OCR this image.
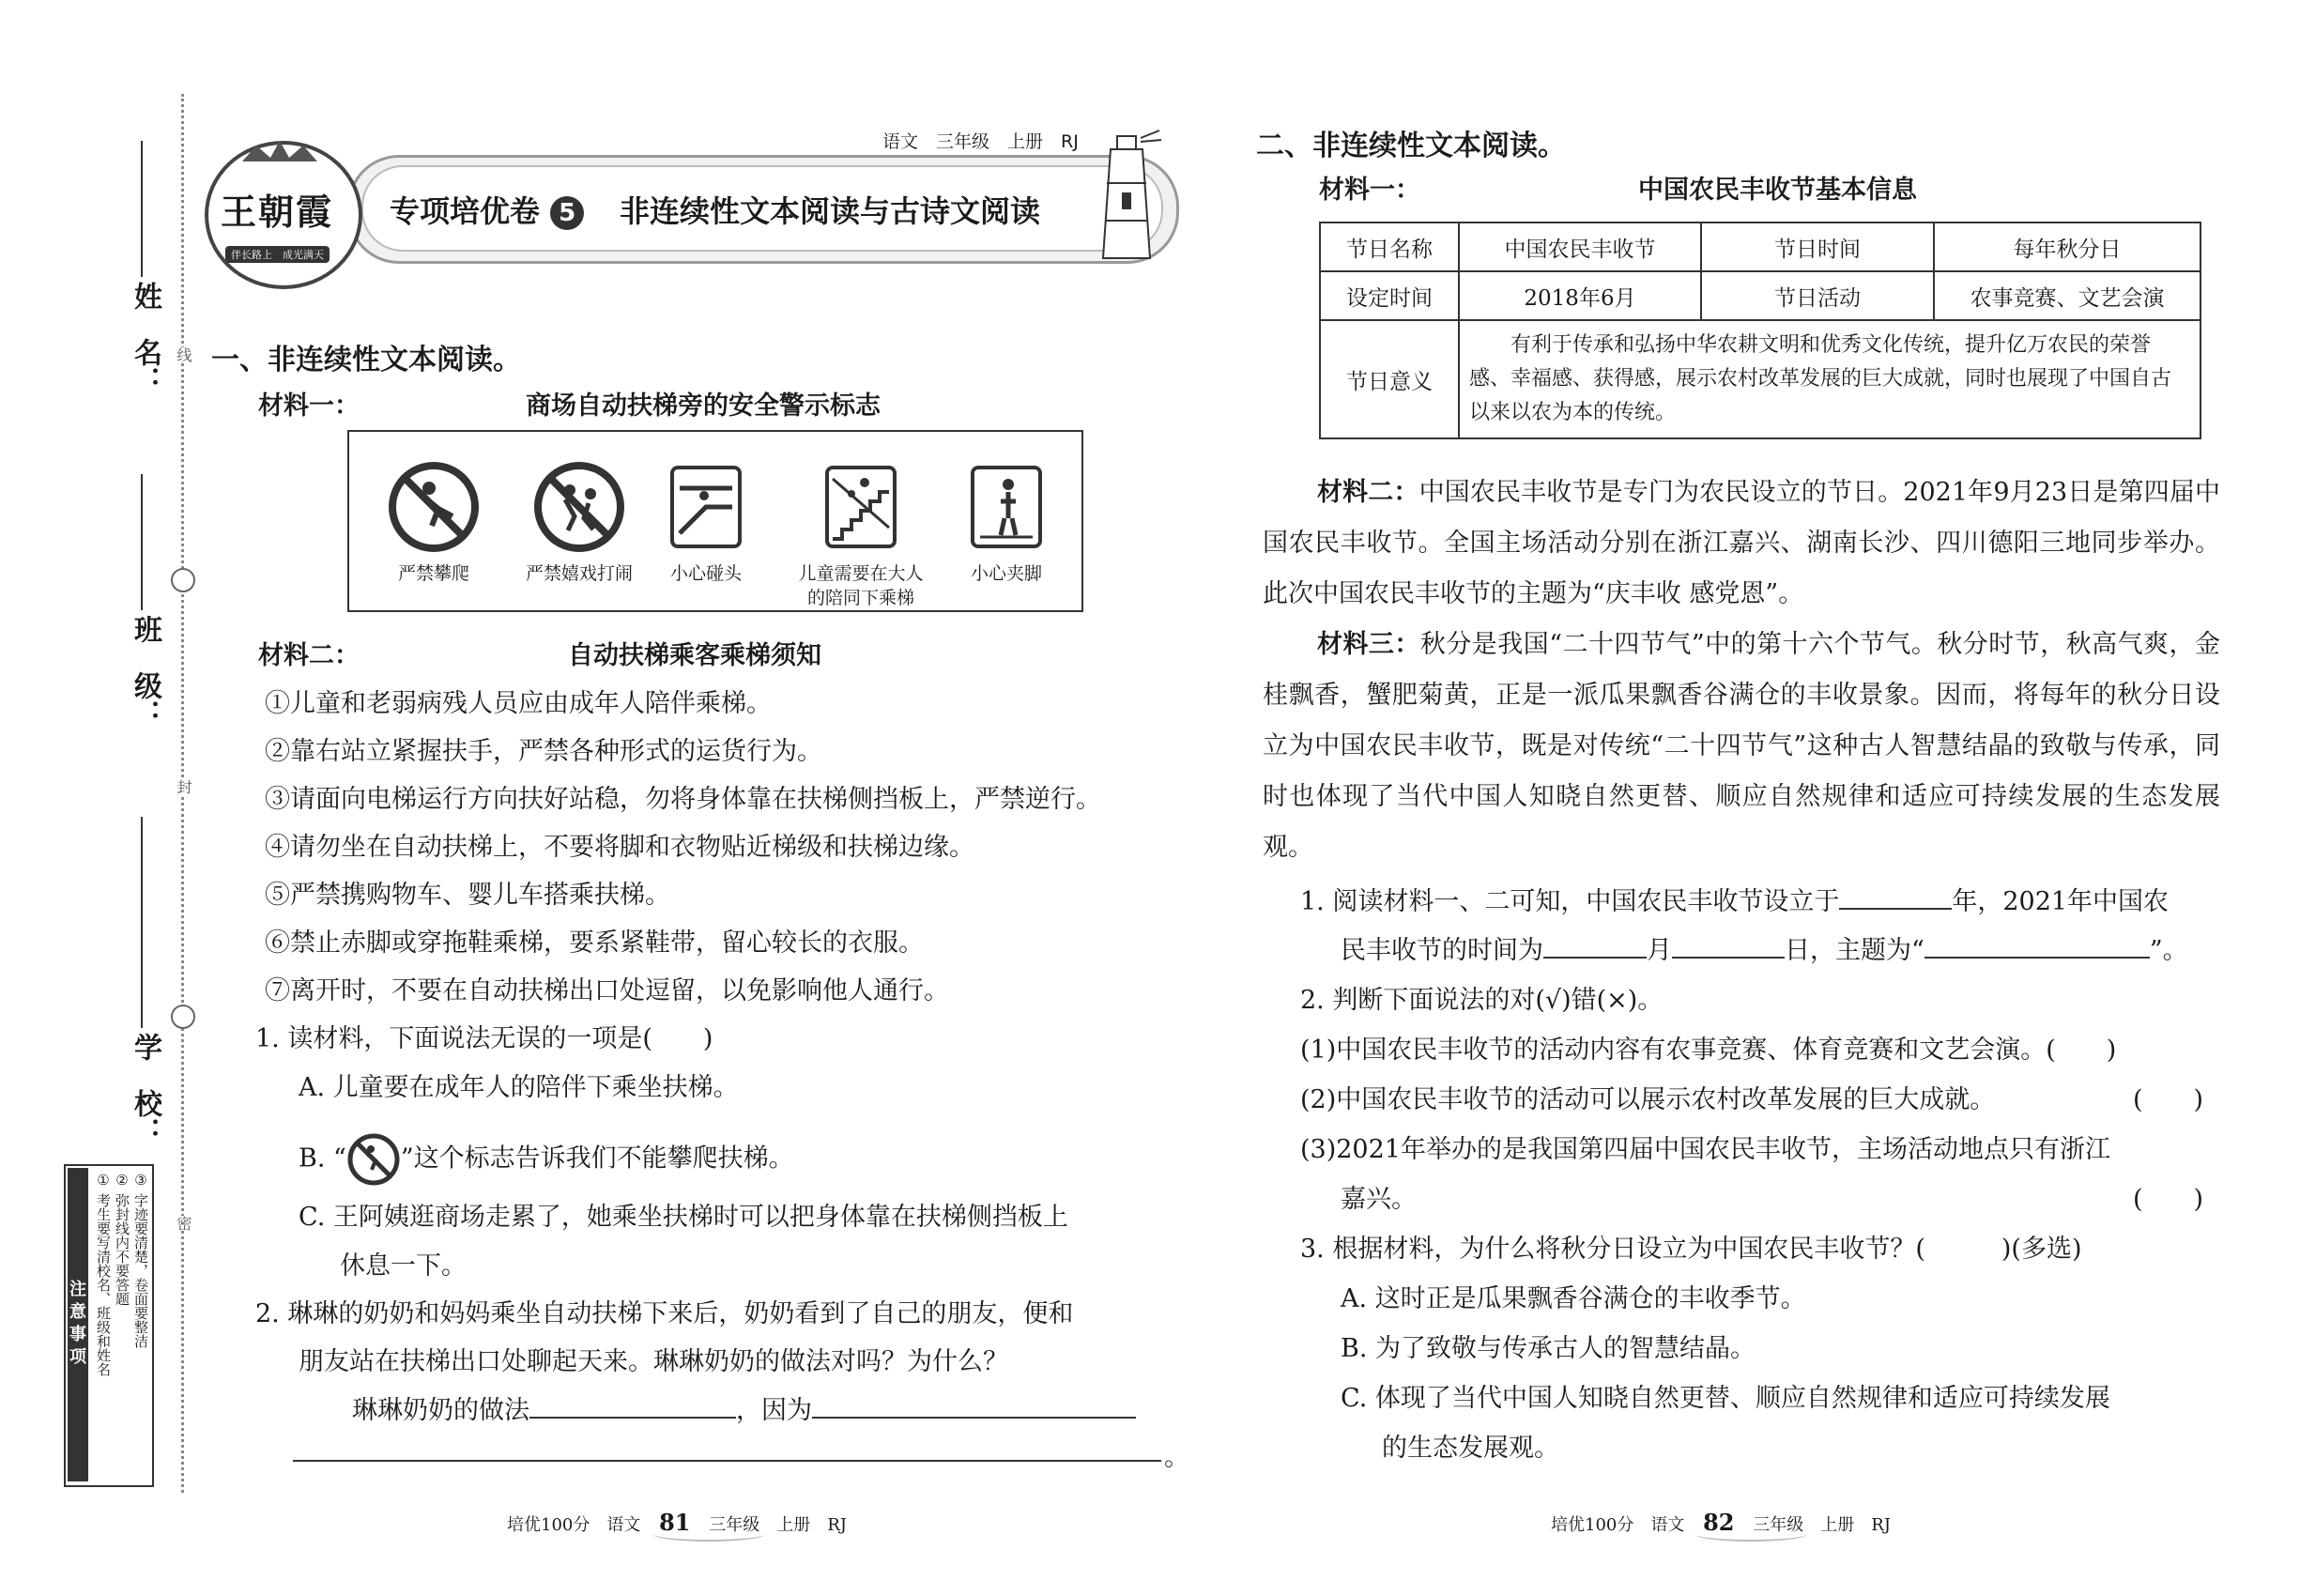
姓　名：
班　级：
学　校：
线
封
密
注意事项 ① 考生要写清校名、班级和姓名 ② 弥封线内不要答题 ③ 字迹要清楚，卷面要整洁
王朝霞
伴长路上　成光满天
语文　三年级　上册　RJ
专项培优卷 5 非连续性文本阅读与古诗文阅读
一、非连续性文本阅读。
材料一：	商场自动扶梯旁的安全警示标志
严禁攀爬	严禁嬉戏打闹	小心碰头	儿童需要在大人的陪同下乘梯
小心夹脚
材料二：	自动扶梯乘客乘梯须知
①儿童和老弱病残人员应由成年人陪伴乘梯。
②靠右站立紧握扶手，严禁各种形式的运货行为。
③请面向电梯运行方向扶好站稳，勿将身体靠在扶梯侧挡板上，严禁逆行。
④请勿坐在自动扶梯上，不要将脚和衣物贴近梯级和扶梯边缘。
⑤严禁携购物车、婴儿车搭乘扶梯。
⑥禁止赤脚或穿拖鞋乘梯，要系紧鞋带，留心较长的衣服。
⑦离开时，不要在自动扶梯出口处逗留，以免影响他人通行。
1. 读材料，下面说法无误的一项是(　　)
A. 儿童要在成年人的陪伴下乘坐扶梯。
B. “ ”这个标志告诉我们不能攀爬扶梯。
C. 王阿姨逛商场走累了，她乘坐扶梯时可以把身体靠在扶梯侧挡板上
休息一下。
2. 琳琳的奶奶和妈妈乘坐自动扶梯下来后，奶奶看到了自己的朋友，便和
朋友站在扶梯出口处聊起天来。琳琳奶奶的做法对吗？为什么？
琳琳奶奶的做法	，因为
。
二、非连续性文本阅读。
材料一：	中国农民丰收节基本信息
节日名称	中国农民丰收节	节日时间	每年秋分日
设定时间	2018年6月	节日活动	农事竞赛、文艺会演
节日意义	有利于传承和弘扬中华农耕文明和优秀文化传统，提升亿万农民的荣誉感、幸福感、获得感，展示农村改革发展的巨大成就，同时也展现了中国自古以来以农为本的传统。		
材料二：中国农民丰收节是专门为农民设立的节日。2021年9月23日是第四届中国农民丰收节。全国主场活动分别在浙江嘉兴、湖南长沙、四川德阳三地同步举办。此次中国农民丰收节的主题为“庆丰收 感党恩”。
材料三：秋分是我国“二十四节气”中的第十六个节气。秋分时节，秋高气爽，金桂飘香，蟹肥菊黄，正是一派瓜果飘香谷满仓的丰收景象。因而，将每年的秋分日设立为中国农民丰收节，既是对传统“二十四节气”这种古人智慧结晶的致敬与传承，同时也体现了当代中国人知晓自然更替、顺应自然规律和适应可持续发展的生态发展观。
1. 阅读材料一、二可知，中国农民丰收节设立于	年，2021年中国农
民丰收节的时间为	月	日，主题为“	”。
2. 判断下面说法的对(√)错(×)。
(1)中国农民丰收节的活动内容有农事竞赛、体育竞赛和文艺会演。(　　)
(2)中国农民丰收节的活动可以展示农村改革发展的巨大成就。	(　　)
(3)2021年举办的是我国第四届中国农民丰收节，主场活动地点只有浙江
嘉兴。	(　　)
3. 根据材料，为什么将秋分日设立为中国农民丰收节？(　　　)(多选)
A. 这时正是瓜果飘香谷满仓的丰收季节。
B. 为了致敬与传承古人的智慧结晶。
C. 体现了当代中国人知晓自然更替、顺应自然规律和适应可持续发展
的生态发展观。
培优100分　语文 81 三年级　上册　RJ	培优100分　语文 82 三年级　上册　RJ
